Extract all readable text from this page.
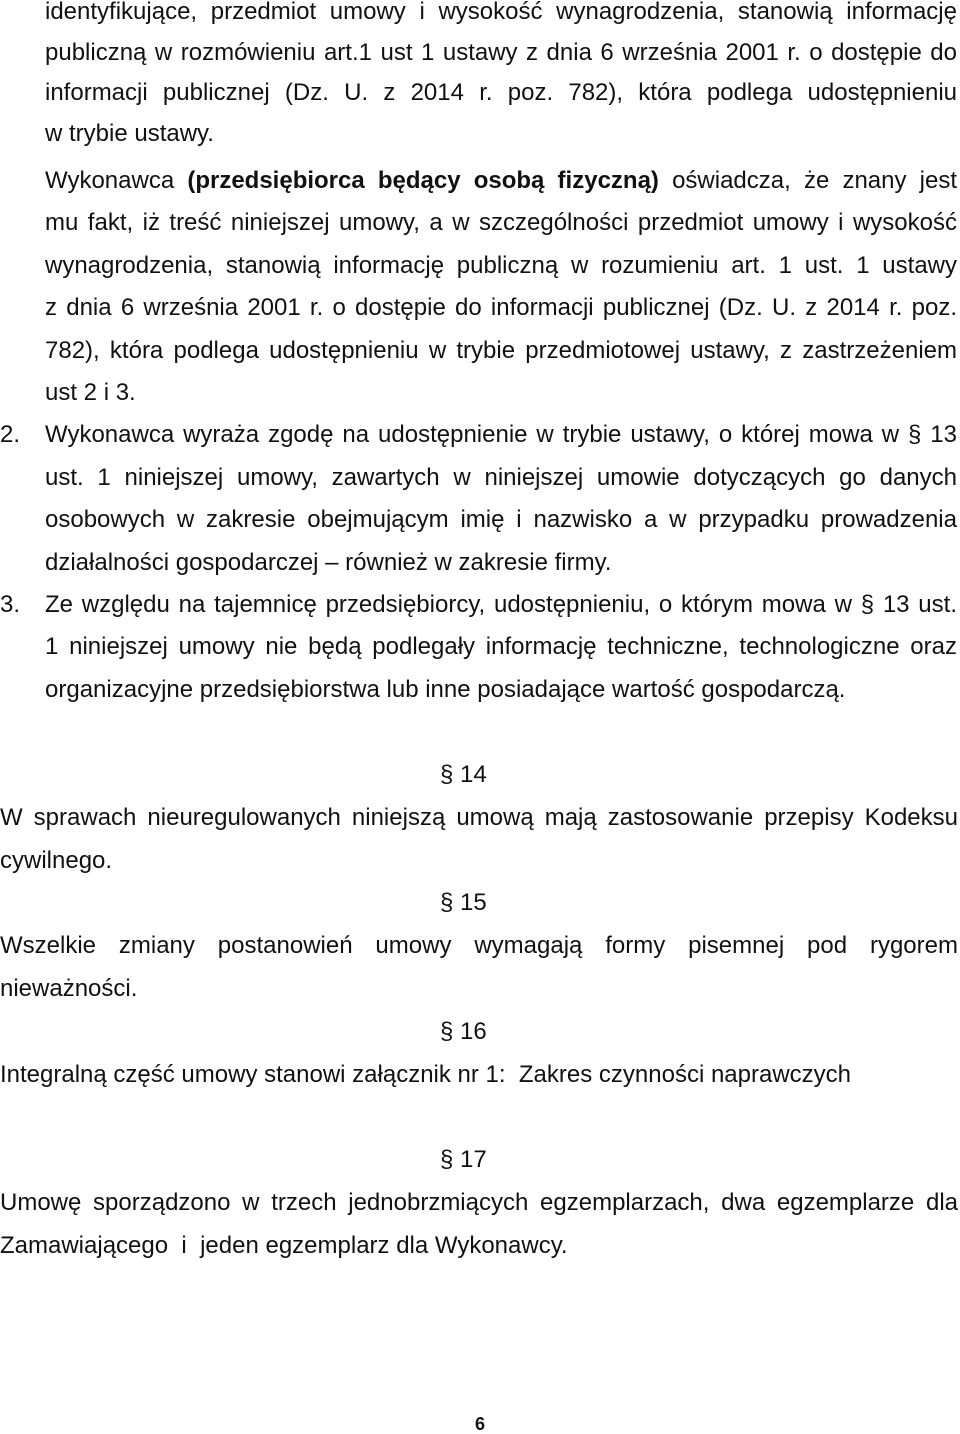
identyfikujące, przedmiot umowy i wysokość wynagrodzenia, stanowią informację
publiczną w rozmówieniu art.1 ust 1 ustawy z dnia 6 września 2001 r. o dostępie do
informacji publicznej (Dz. U. z 2014 r. poz. 782), która podlega udostępnieniu
w trybie ustawy.
Wykonawca (przedsiębiorca będący osobą fizyczną) oświadcza, że znany jest
mu fakt, iż treść niniejszej umowy, a w szczególności przedmiot umowy i wysokość
wynagrodzenia, stanowią informację publiczną w rozumieniu art. 1 ust. 1 ustawy
z dnia 6 września 2001 r. o dostępie do informacji publicznej (Dz. U. z 2014 r. poz.
782), która podlega udostępnieniu w trybie przedmiotowej ustawy, z zastrzeżeniem
ust 2 i 3.
2. Wykonawca wyraża zgodę na udostępnienie w trybie ustawy, o której mowa w § 13
ust. 1 niniejszej umowy, zawartych w niniejszej umowie dotyczących go danych
osobowych w zakresie obejmującym imię i nazwisko a w przypadku prowadzenia
działalności gospodarczej – również w zakresie firmy.
3. Ze względu na tajemnicę przedsiębiorcy, udostępnieniu, o którym mowa w § 13 ust.
1 niniejszej umowy nie będą podlegały informację techniczne, technologiczne oraz
organizacyjne przedsiębiorstwa lub inne posiadające wartość gospodarczą.
§ 14
W sprawach nieuregulowanych niniejszą umową mają zastosowanie przepisy Kodeksu
cywilnego.
§ 15
Wszelkie zmiany postanowień umowy wymagają formy pisemnej pod rygorem
nieważności.
§ 16
Integralną część umowy stanowi załącznik nr 1:  Zakres czynności naprawczych
§ 17
Umowę sporządzono w trzech jednobrzmiących egzemplarzach, dwa egzemplarze dla
Zamawiającego  i  jeden egzemplarz dla Wykonawcy.
6
